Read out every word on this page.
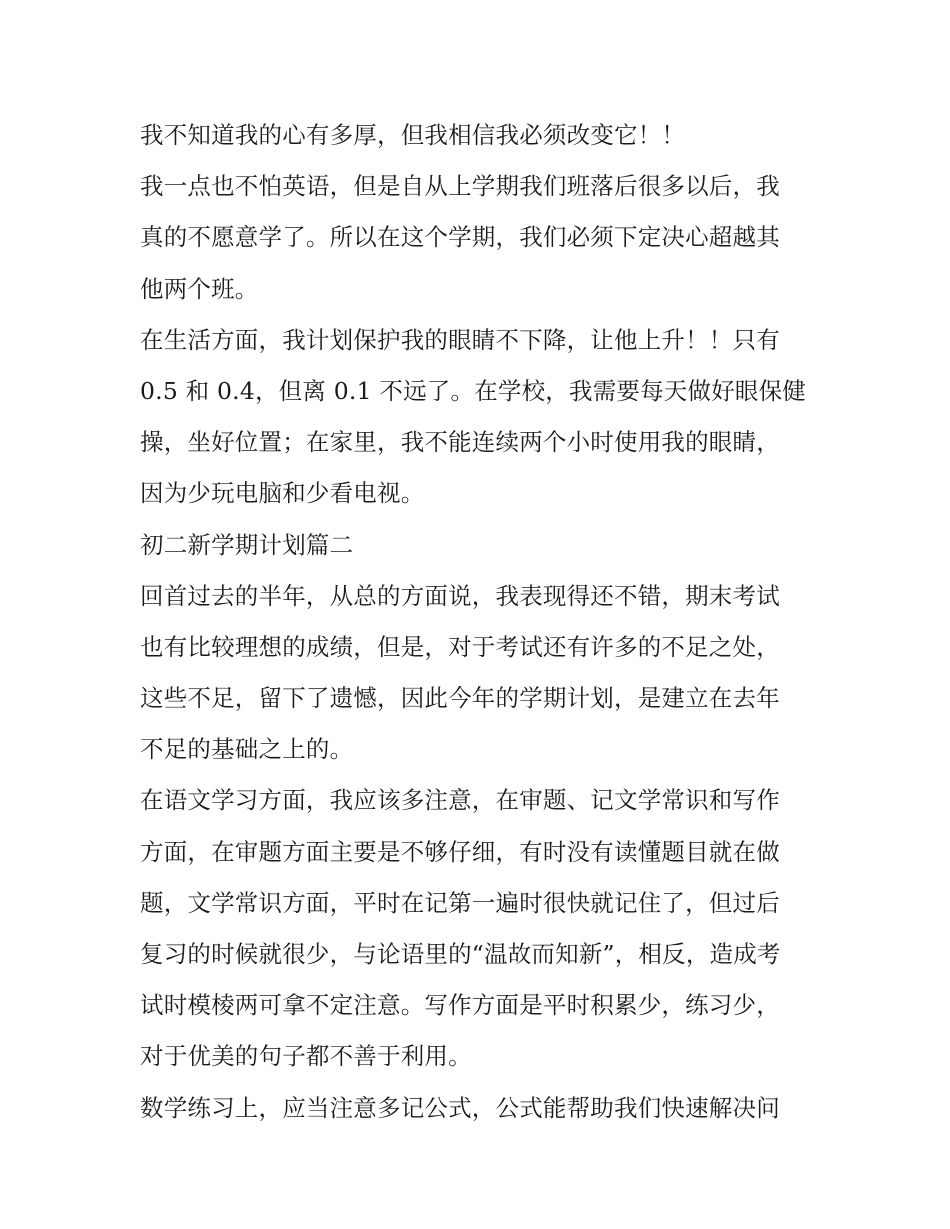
我不知道我的心有多厚，但我相信我必须改变它！！
我一点也不怕英语，但是自从上学期我们班落后很多以后，我
真的不愿意学了。所以在这个学期，我们必须下定决心超越其
他两个班。
在生活方面，我计划保护我的眼睛不下降，让他上升！！只有
0.5 和 0.4，但离 0.1 不远了。在学校，我需要每天做好眼保健
操，坐好位置；在家里，我不能连续两个小时使用我的眼睛，
因为少玩电脑和少看电视。
初二新学期计划篇二
回首过去的半年，从总的方面说，我表现得还不错，期末考试
也有比较理想的成绩，但是，对于考试还有许多的不足之处，
这些不足，留下了遗憾，因此今年的学期计划，是建立在去年
不足的基础之上的。
在语文学习方面，我应该多注意，在审题、记文学常识和写作
方面，在审题方面主要是不够仔细，有时没有读懂题目就在做
题，文学常识方面，平时在记第一遍时很快就记住了，但过后
复习的时候就很少，与论语里的“温故而知新”，相反，造成考
试时模棱两可拿不定注意。写作方面是平时积累少，练习少，
对于优美的句子都不善于利用。
数学练习上，应当注意多记公式，公式能帮助我们快速解决问
